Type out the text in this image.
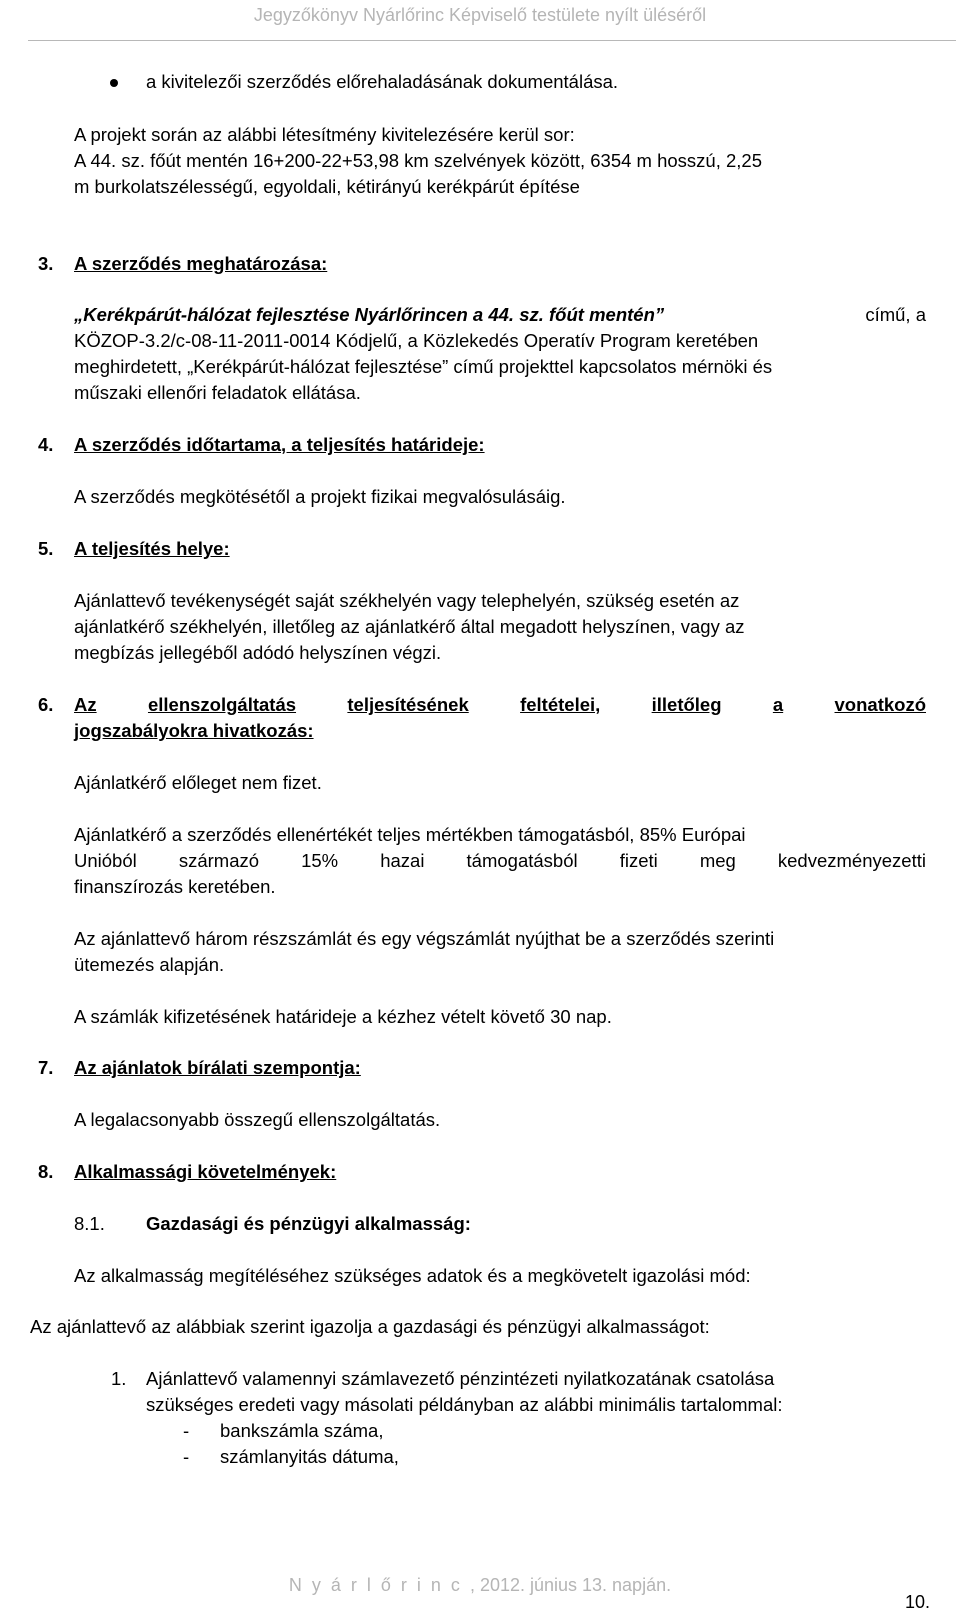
Jegyzőkönyv Nyárlőrinc Képviselő testülete nyílt üléséről
a kivitelezői szerződés előrehaladásának dokumentálása.
A projekt során az alábbi létesítmény kivitelezésére kerül sor:
A 44. sz. főút mentén 16+200-22+53,98 km szelvények között, 6354 m hosszú, 2,25
m burkolatszélességű, egyoldali, kétirányú kerékpárút építése
3. A szerződés meghatározása:
„Kerékpárút-hálózat fejlesztése Nyárlőrincen a 44. sz. főút mentén”	című, a
KÖZOP-3.2/c-08-11-2011-0014 Kódjelű, a Közlekedés Operatív Program keretében
meghirdetett, „Kerékpárút-hálózat fejlesztése” című projekttel kapcsolatos mérnöki és
műszaki ellenőri feladatok ellátása.
4. A szerződés időtartama, a teljesítés határideje:
A szerződés megkötésétől a projekt fizikai megvalósulásáig.
5. A teljesítés helye:
Ajánlattevő tevékenységét saját székhelyén vagy telephelyén, szükség esetén az
ajánlatkérő székhelyén, illetőleg az ajánlatkérő által megadott helyszínen, vagy az
megbízás jellegéből adódó helyszínen végzi.
6. Az	ellenszolgáltatás	teljesítésének	feltételei,	illetőleg	a	vonatkozó
jogszabályokra hivatkozás:
Ajánlatkérő előleget nem fizet.
Ajánlatkérő a szerződés ellenértékét teljes mértékben támogatásból, 85% Európai
Unióból származó 15% hazai támogatásból fizeti meg kedvezményezetti
finanszírozás keretében.
Az ajánlattevő három részszámlát és egy végszámlát nyújthat be a szerződés szerinti
ütemezés alapján.
A számlák kifizetésének határideje a kézhez vételt követő 30 nap.
7. Az ajánlatok bírálati szempontja:
A legalacsonyabb összegű ellenszolgáltatás.
8. Alkalmassági követelmények:
8.1. Gazdasági és pénzügyi alkalmasság:
Az alkalmasság megítéléséhez szükséges adatok és a megkövetelt igazolási mód:
Az ajánlattevő az alábbiak szerint igazolja a gazdasági és pénzügyi alkalmasságot:
1. Ajánlattevő valamennyi számlavezető pénzintézeti nyilatkozatának csatolása
szükséges eredeti vagy másolati példányban az alábbi minimális tartalommal:
- bankszámla száma,
- számlanyitás dátuma,
Nyárlőrinc, 2012. június 13. napján.
10.
